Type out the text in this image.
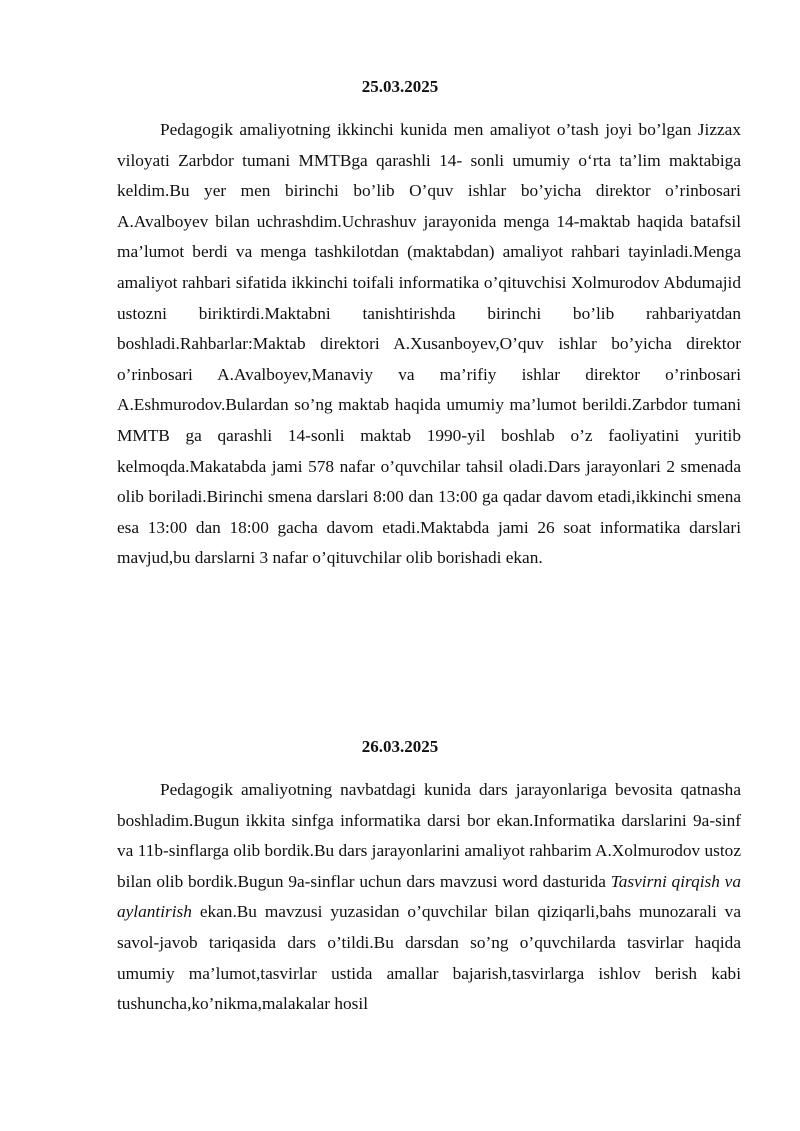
25.03.2025

Pedagogik amaliyotning ikkinchi kunida men amaliyot o’tash joyi bo’lgan Jizzax viloyati Zarbdor tumani MMTBga qarashli 14- sonli umumiy o‘rta ta’lim maktabiga keldim.Bu yer men birinchi bo’lib O’quv ishlar bo’yicha direktor o’rinbosari A.Avalboyev bilan uchrashdim.Uchrashuv jarayonida menga 14-maktab haqida batafsil ma’lumot berdi va menga tashkilotdan (maktabdan) amaliyot rahbari tayinladi.Menga amaliyot rahbari sifatida ikkinchi toifali informatika o’qituvchisi Xolmurodov Abdumajid ustozni biriktirdi.Maktabni tanishtirishda birinchi bo’lib rahbariyatdan boshladi.Rahbarlar:Maktab direktori A.Xusanboyev,O’quv ishlar bo’yicha direktor o’rinbosari A.Avalboyev,Manaviy va ma’rifiy ishlar direktor o’rinbosari A.Eshmurodov.Bulardan so’ng maktab haqida umumiy ma’lumot berildi.Zarbdor tumani MMTB ga qarashli 14-sonli maktab 1990-yil boshlab o’z faoliyatini yuritib kelmoqda.Makatabda jami 578 nafar o’quvchilar tahsil oladi.Dars jarayonlari 2 smenada olib boriladi.Birinchi smena darslari 8:00 dan 13:00 ga qadar davom etadi,ikkinchi smena esa 13:00 dan 18:00 gacha davom etadi.Maktabda jami 26 soat informatika darslari mavjud,bu darslarni 3 nafar o’qituvchilar olib borishadi ekan.

26.03.2025

Pedagogik amaliyotning navbatdagi kunida dars jarayonlariga bevosita qatnasha boshladim.Bugun ikkita sinfga informatika darsi bor ekan.Informatika darslarini 9a-sinf va 11b-sinflarga olib bordik.Bu dars jarayonlarini amaliyot rahbarim A.Xolmurodov ustoz bilan olib bordik.Bugun 9a-sinflar uchun dars mavzusi word dasturida Tasvirni qirqish va aylantirish ekan.Bu mavzusi yuzasidan o’quvchilar bilan qiziqarli,bahs munozarali va savol-javob tariqasida dars o’tildi.Bu darsdan so’ng o’quvchilarda tasvirlar haqida umumiy ma’lumot,tasvirlar ustida amallar bajarish,tasvirlarga ishlov berish kabi tushuncha,ko’nikma,malakalar hosil
